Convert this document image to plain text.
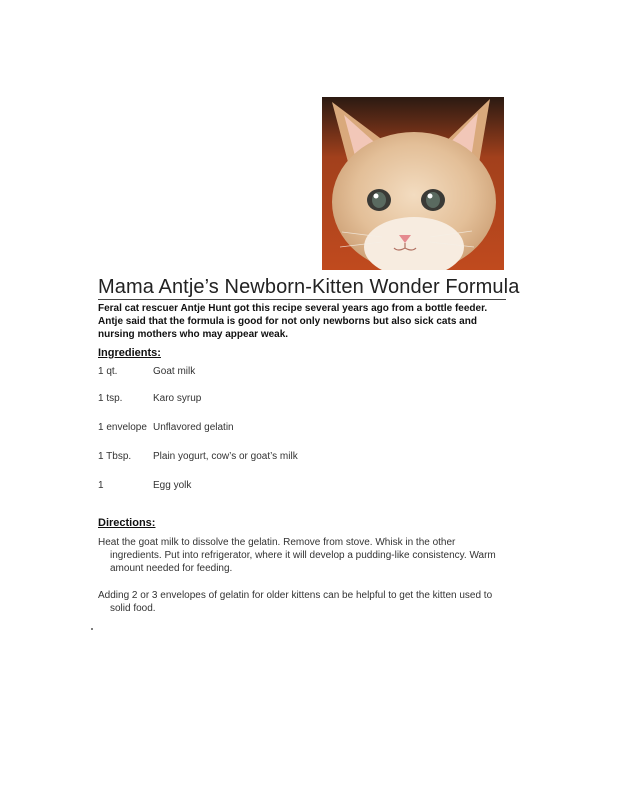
Mama Antje’s Newborn-Kitten Wonder Formula
Feral cat rescuer Antje Hunt got this recipe several years ago from a bottle feeder. Antje said that the formula is good for not only newborns but also sick cats and nursing mothers who may appear weak.
Ingredients:
1 qt.	Goat milk
1 tsp.	Karo syrup
1 envelope Unflavored gelatin
1 Tbsp. Plain yogurt, cow’s or goat’s milk
1	Egg yolk
Directions:
Heat the goat milk to dissolve the gelatin. Remove from stove. Whisk in the other ingredients. Put into refrigerator, where it will develop a pudding-like consistency. Warm amount needed for feeding.
Adding 2 or 3 envelopes of gelatin for older kittens can be helpful to get the kitten used to solid food.
